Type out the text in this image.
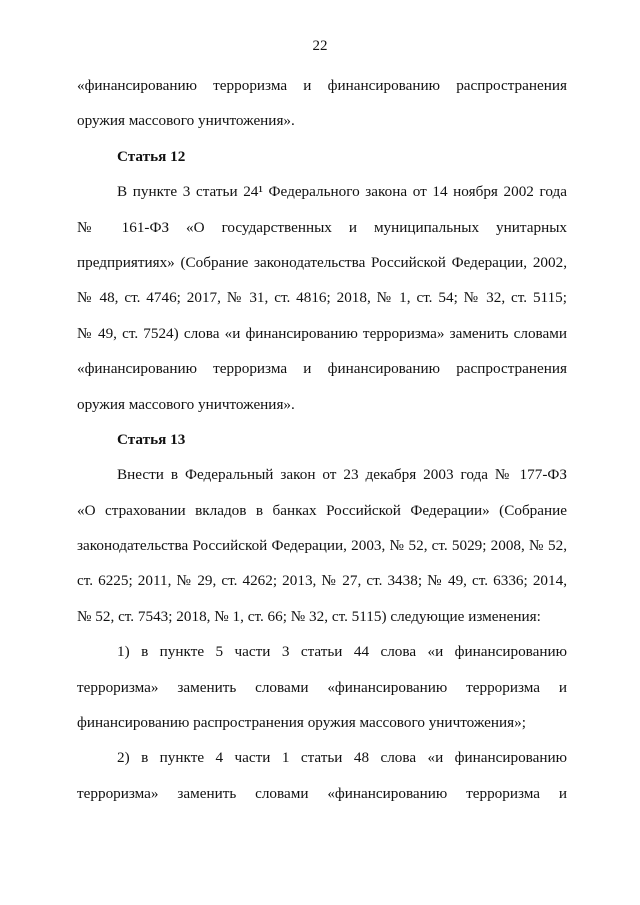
22
«финансированию терроризма и финансированию распространения
оружия массового уничтожения».
Статья 12
В пункте 3 статьи 24¹ Федерального закона от 14 ноября 2002 года
№ 161-ФЗ «О государственных и муниципальных унитарных
предприятиях» (Собрание законодательства Российской Федерации, 2002,
№ 48, ст. 4746; 2017, № 31, ст. 4816; 2018, № 1, ст. 54; № 32, ст. 5115;
№ 49, ст. 7524) слова «и финансированию терроризма» заменить словами
«финансированию терроризма и финансированию распространения
оружия массового уничтожения».
Статья 13
Внести в Федеральный закон от 23 декабря 2003 года № 177-ФЗ
«О страховании вкладов в банках Российской Федерации» (Собрание
законодательства Российской Федерации, 2003, № 52, ст. 5029; 2008, № 52,
ст. 6225; 2011, № 29, ст. 4262; 2013, № 27, ст. 3438; № 49, ст. 6336; 2014,
№ 52, ст. 7543; 2018, № 1, ст. 66; № 32, ст. 5115) следующие изменения:
1) в пункте 5 части 3 статьи 44 слова «и финансированию
терроризма» заменить словами «финансированию терроризма и
финансированию распространения оружия массового уничтожения»;
2) в пункте 4 части 1 статьи 48 слова «и финансированию
терроризма» заменить словами «финансированию терроризма и
